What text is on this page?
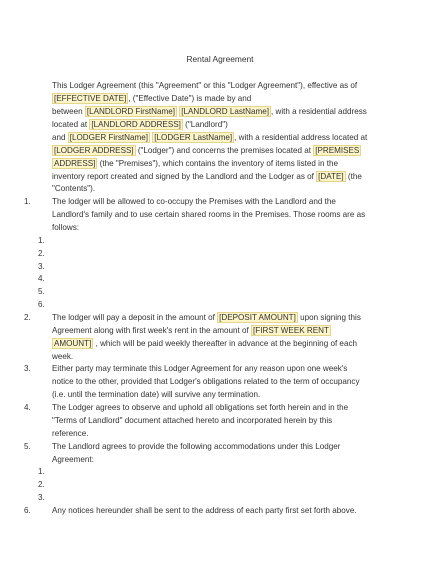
Rental Agreement
This Lodger Agreement (this "Agreement" or this "Lodger Agreement"), effective as of
[EFFECTIVE DATE] , ("Effective Date") is made by and
between [LANDLORD FirstName] [LANDLORD LastName] , with a residential address
located at [LANDLORD ADDRESS] ("Landlord")
and [LODGER FirstName] [LODGER LastName] , with a residential address located at
[LODGER ADDRESS] ("Lodger") and concerns the premises located at [PREMISES
ADDRESS] (the "Premises"), which contains the inventory of items listed in the
inventory report created and signed by the Landlord and the Lodger as of [DATE] (the
"Contents").
1.	The lodger will be allowed to co-occupy the Premises with the Landlord and the
Landlord's family and to use certain shared rooms in the Premises. Those rooms are as
follows:
1.
2.
3.
4.
5.
6.
2.	The lodger will pay a deposit in the amount of [DEPOSIT AMOUNT] upon signing this
Agreement along with first week's rent in the amount of [FIRST WEEK RENT
AMOUNT] , which will be paid weekly thereafter in advance at the beginning of each
week.
3.	Either party may terminate this Lodger Agreement for any reason upon one week's
notice to the other, provided that Lodger's obligations related to the term of occupancy
(i.e. until the termination date) will survive any termination.
4.	The Lodger agrees to observe and uphold all obligations set forth herein and in the
"Terms of Landlord" document attached hereto and incorporated herein by this
reference.
5.	The Landlord agrees to provide the following accommodations under this Lodger
Agreement:
1.
2.
3.
6.	Any notices hereunder shall be sent to the address of each party first set forth above.
